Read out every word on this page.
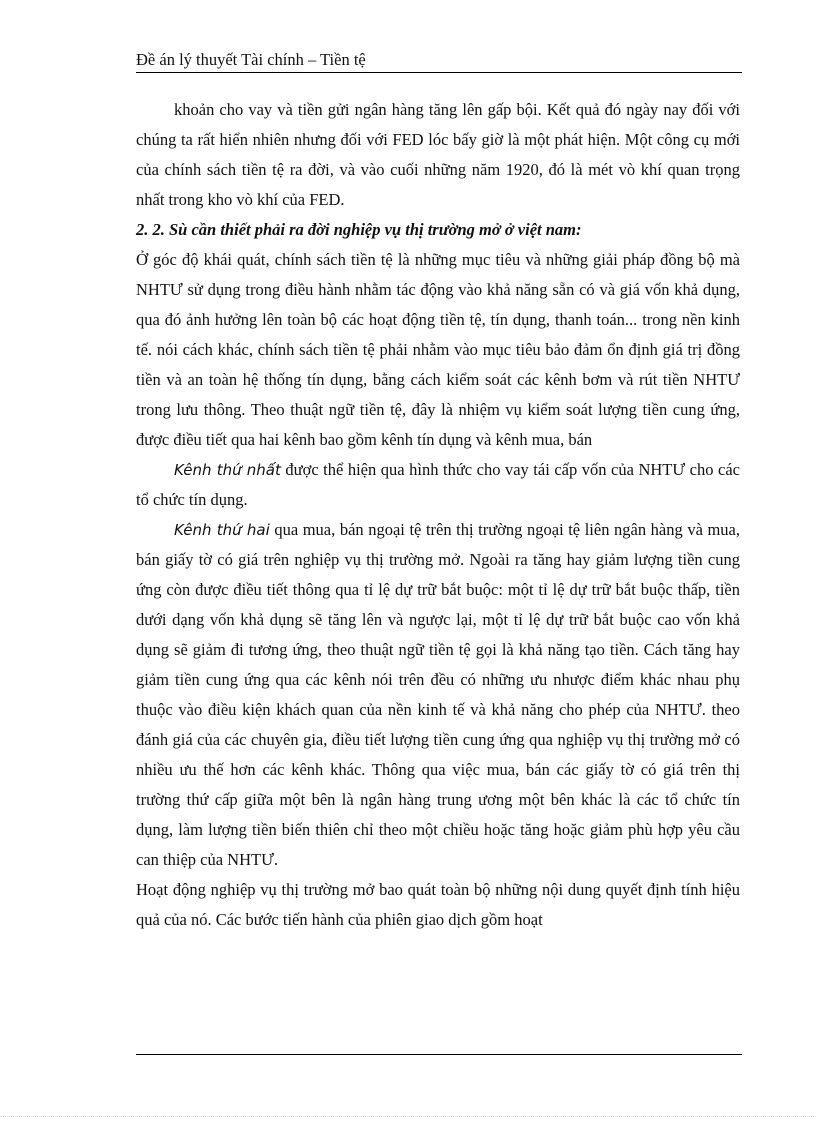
Đề án lý thuyết Tài chính – Tiền tệ

khoản cho vay và tiền gửi ngân hàng tăng lên gấp bội. Kết quả đó ngày nay đối với chúng ta rất hiển nhiên nhưng đối với FED lóc bấy giờ là một phát hiện. Một công cụ mới của chính sách tiền tệ ra đời, và vào cuối những năm 1920, đó là mét vò khí quan trọng nhất trong kho vò khí của FED.

2. 2. Sù cần thiết phải ra đời nghiệp vụ thị trường mở ở việt nam:

Ở góc độ khái quát, chính sách tiền tệ là những mục tiêu và những giải pháp đồng bộ mà NHTƯ sử dụng trong điều hành nhằm tác động vào khả năng sẵn có và giá vốn khả dụng, qua đó ảnh hưởng lên toàn bộ các hoạt động tiền tệ, tín dụng, thanh toán... trong nền kinh tế. nói cách khác, chính sách tiền tệ phải nhằm vào mục tiêu bảo đảm ổn định giá trị đồng tiền và an toàn hệ thống tín dụng, bằng cách kiểm soát các kênh bơm và rút tiền NHTƯ trong lưu thông. Theo thuật ngữ tiền tệ, đây là nhiệm vụ kiểm soát lượng tiền cung ứng, được điều tiết qua hai kênh bao gồm kênh tín dụng và kênh mua, bán

Kênh thứ nhất được thể hiện qua hình thức cho vay tái cấp vốn của NHTƯ cho các tổ chức tín dụng.

Kênh thứ hai qua mua, bán ngoại tệ trên thị trường ngoại tệ liên ngân hàng và mua, bán giấy tờ có giá trên nghiệp vụ thị trường mở. Ngoài ra tăng hay giảm lượng tiền cung ứng còn được điều tiết thông qua tỉ lệ dự trữ bắt buộc: một tỉ lệ dự trữ bắt buộc thấp, tiền dưới dạng vốn khả dụng sẽ tăng lên và ngược lại, một tỉ lệ dự trữ bắt buộc cao vốn khả dụng sẽ giảm đi tương ứng, theo thuật ngữ tiền tệ gọi là khả năng tạo tiền. Cách tăng hay giảm tiền cung ứng qua các kênh nói trên đều có những ưu nhược điểm khác nhau phụ thuộc vào điều kiện khách quan của nền kinh tế và khả năng cho phép của NHTƯ. theo đánh giá của các chuyên gia, điều tiết lượng tiền cung ứng qua nghiệp vụ thị trường mở có nhiều ưu thế hơn các kênh khác. Thông qua việc mua, bán các giấy tờ có giá trên thị trường thứ cấp giữa một bên là ngân hàng trung ương một bên khác là các tổ chức tín dụng, làm lượng tiền biến thiên chỉ theo một chiều hoặc tăng hoặc giảm phù hợp yêu cầu can thiệp của NHTƯ.

Hoạt động nghiệp vụ thị trường mở bao quát toàn bộ những nội dung quyết định tính hiệu quả của nó. Các bước tiến hành của phiên giao dịch gồm hoạt
